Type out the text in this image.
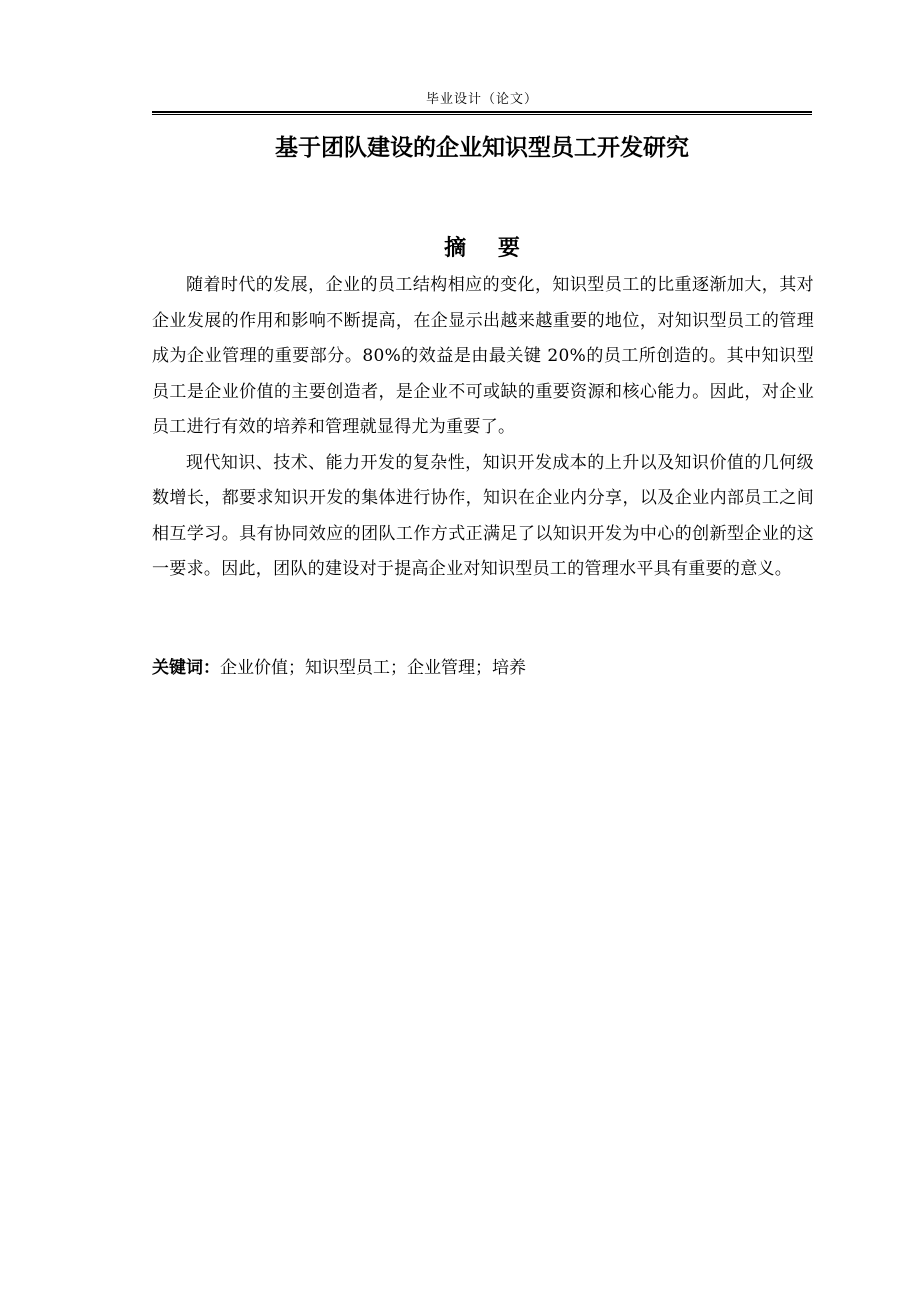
毕业设计（论文）
基于团队建设的企业知识型员工开发研究
摘 要

随着时代的发展，企业的员工结构相应的变化，知识型员工的比重逐渐加大，其对企业发展的作用和影响不断提高，在企显示出越来越重要的地位，对知识型员工的管理成为企业管理的重要部分。80%的效益是由最关键 20%的员工所创造的。其中知识型员工是企业价值的主要创造者，是企业不可或缺的重要资源和核心能力。因此，对企业员工进行有效的培养和管理就显得尤为重要了。

现代知识、技术、能力开发的复杂性，知识开发成本的上升以及知识价值的几何级数增长，都要求知识开发的集体进行协作，知识在企业内分享，以及企业内部员工之间相互学习。具有协同效应的团队工作方式正满足了以知识开发为中心的创新型企业的这一要求。因此，团队的建设对于提高企业对知识型员工的管理水平具有重要的意义。

关键词：企业价值；知识型员工；企业管理；培养
